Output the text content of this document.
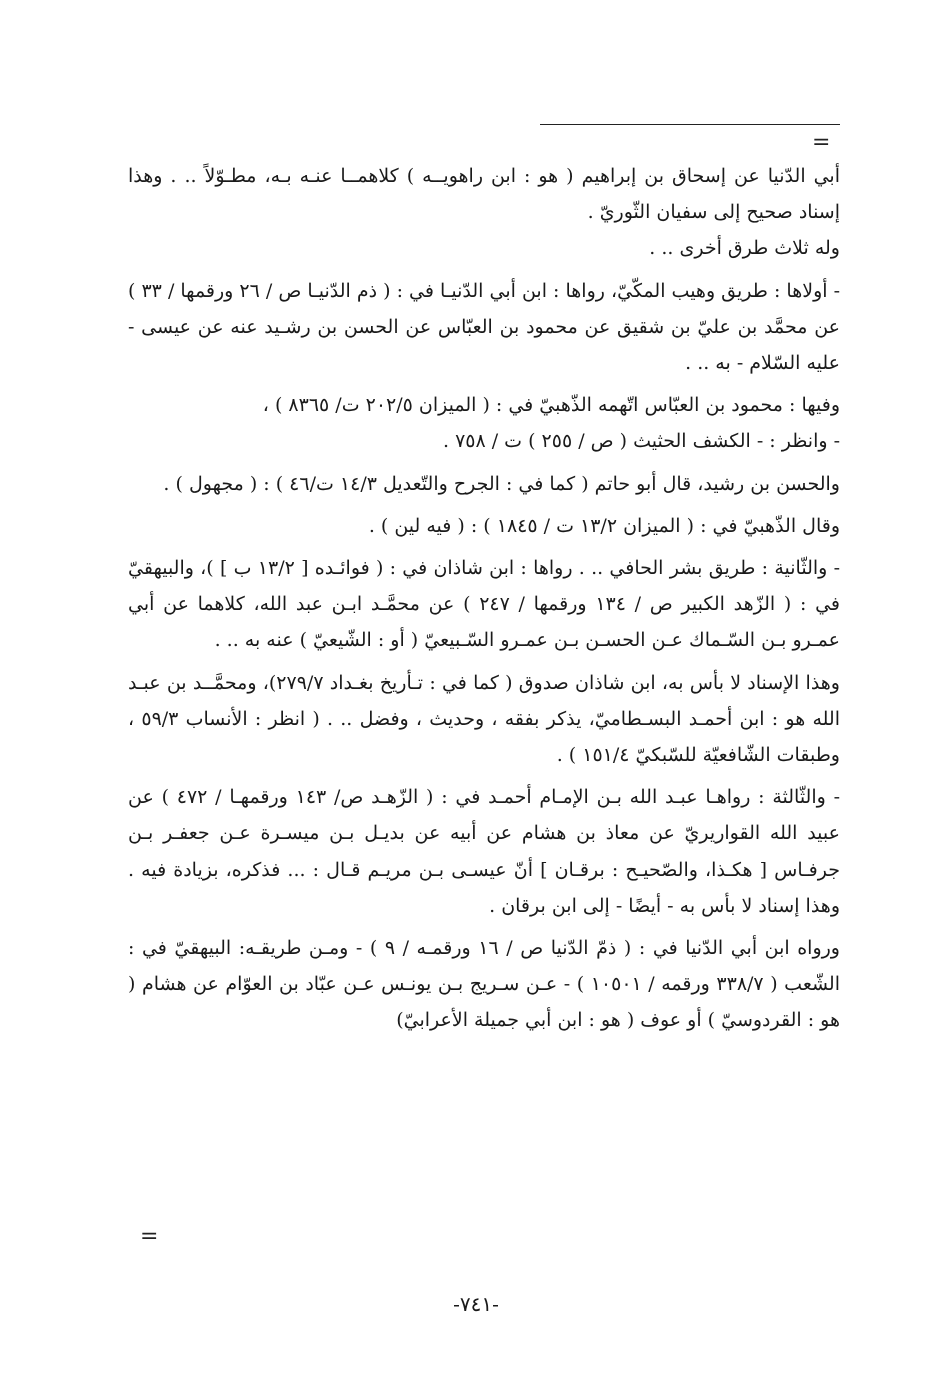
=

أبي الدّنيا عن إسحاق بن إبراهيم ( هو : ابن راهويــه ) كلاهمــا عنـه بـه، مطـوّلاً .. . وهذا إسناد صحيح إلى سفيان الثّوريّ .

وله ثلاث طرق أخرى .. .

- أولاها : طريق وهيب المكّيّ، رواها : ابن أبي الدّنيـا في : ( ذم الدّنيـا ص / ٢٦ ورقمها / ٣٣ ) عن محمَّد بن عليّ بن شقيق عن محمود بن العبّاس عن الحسن بن رشـيد عنه عن عيسى - عليه السّلام - به .. .

وفيها : محمود بن العبّاس اتّهمه الذّهبيّ في : ( الميزان ٢٠٢/٥ ت/ ٨٣٦٥ ) ،

- وانظر : - الكشف الحثيث ( ص / ٢٥٥ ) ت / ٧٥٨ .

والحسن بن رشيد، قال أبو حاتم ( كما في : الجرح والتّعديل ١٤/٣ ت/٤٦ ) : ( مجهول ) .

وقال الذّهبيّ في : ( الميزان ١٣/٢ ت / ١٨٤٥ ) : ( فيه لين ) .

- والثّانية : طريق بشر الحافي .. . رواها : ابن شاذان في : ( فوائـده [ ١٣/٢ ب ] )، والبيهقيّ في : ( الزّهد الكبير ص / ١٣٤ ورقمها / ٢٤٧ ) عن محمَّـد ابـن عبد الله، كلاهما عن أبي عمـرو بـن السّـماك عـن الحسـن بـن عمـرو السّـبيعيّ ( أو : الشّيعيّ ) عنه به .. .

وهذا الإسناد لا بأس به، ابن شاذان صدوق ( كما في : تـأريخ بغـداد ٢٧٩/٧)، ومحمَّــد بن عبـد الله هو : ابن أحمـد البسـطاميّ، يذكر بفقه ، وحديث ، وفضل .. . ( انظر : الأنساب ٥٩/٣ ، وطبقات الشّافعيّة للسّبكيّ ١٥١/٤ ) .

- والثّالثة : رواهـا عبـد الله بـن الإمـام أحمـد في : ( الزّهـد ص/ ١٤٣ ورقمهـا / ٤٧٢ ) عن عبيد الله القواريريّ عن معاذ بن هشام عن أبيه عن بديـل بـن ميسـرة عـن جعفـر بـن جرفـاس [ هكـذا، والصّحيـح : برقـان ] أنّ عيسـى بـن مريـم قـال : ... فذكره، بزيادة فيه . وهذا إسناد لا بأس به - أيضًا - إلى ابن برقان .

ورواه ابن أبي الدّنيا في : ( ذمّ الدّنيا ص / ١٦ ورقمـه / ٩ ) - ومـن طريقـه: البيهقيّ في : الشّعب ( ٣٣٨/٧ ورقمه / ١٠٥٠١ ) - عـن سـريج بـن يونـس عـن عبّاد بن العوّام عن هشام ( هو : القردوسيّ ) أو عوف ( هو : ابن أبي جميلة الأعرابيّ)

=
-٧٤١-
